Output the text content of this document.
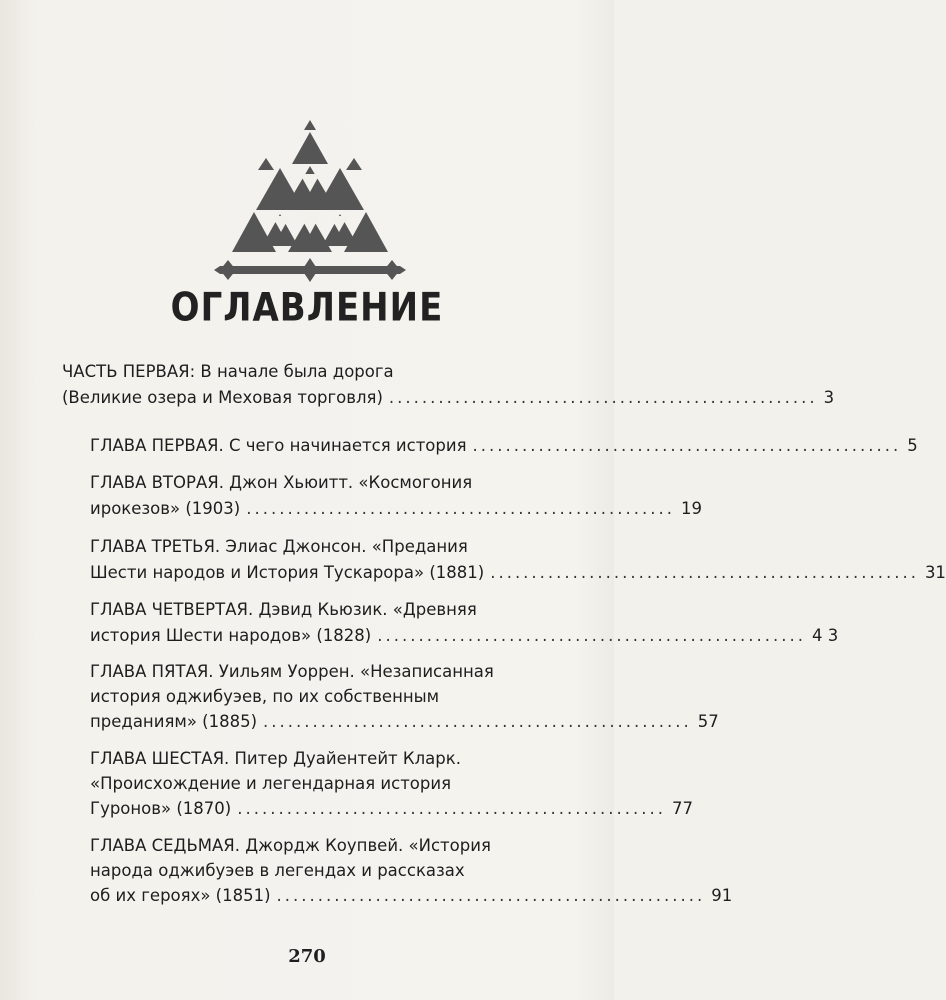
ОГЛАВЛЕНИЕ
ЧАСТЬ ПЕРВАЯ: В начале была дорога
(Великие озера и Меховая торговля) .................................................... 3
ГЛАВА ПЕРВАЯ. С чего начинается история .................................................... 5
ГЛАВА ВТОРАЯ. Джон Хьюитт. «Космогония
ирокезов» (1903) .................................................... 19
ГЛАВА ТРЕТЬЯ. Элиас Джонсон. «Предания
Шести народов и История Тускарора» (1881) .................................................... 31
ГЛАВА ЧЕТВЕРТАЯ. Дэвид Кьюзик. «Древняя
история Шести народов» (1828) .................................................... 4 3
ГЛАВА ПЯТАЯ. Уильям Уоррен. «Незаписанная
история оджибуэев, по их собственным
преданиям» (1885) .................................................... 57
ГЛАВА ШЕСТАЯ. Питер Дуайентейт Кларк.
«Происхождение и легендарная история
Гуронов» (1870) .................................................... 77
ГЛАВА СЕДЬМАЯ. Джордж Коупвей. «История
народа оджибуэев в легендах и рассказах
об их героях» (1851) .................................................... 91
270
